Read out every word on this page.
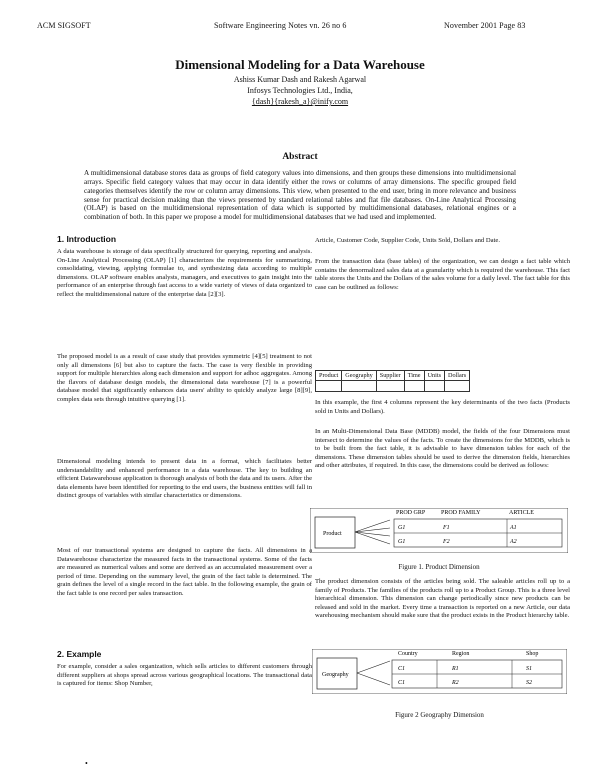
ACM SIGSOFT	Software Engineering Notes vn. 26 no 6	November 2001 Page 83
Dimensional Modeling for a Data Warehouse
Ashiss Kumar Dash and Rakesh Agarwal
Infosys Technologies Ltd., India,
{dash}{rakesh_a}@inify.com
Abstract

A multidimensional database stores data as groups of field category values into dimensions, and then groups these dimensions into multidimensional arrays. Specific field category values that may occur in data identify either the rows or columns of array dimensions. The specific grouped field categories themselves identify the row or column array dimensions. This view, when presented to the end user, bring in more relevance and business sense for practical decision making than the views presented by standard relational tables and flat file databases. On-Line Analytical Processing (OLAP) is based on the multidimensional representation of data which is supported by multidimensional databases, relational engines or a combination of both. In this paper we propose a model for multidimensional databases that we had used and implemented.

1. Introduction

A data warehouse is storage of data specifically structured for querying, reporting and analysis. On-Line Analytical Processing (OLAP) [1] characterizes the requirements for summarizing, consolidating, viewing, applying formulae to, and synthesizing data according to multiple dimensions. OLAP software enables analysts, managers, and executives to gain insight into the performance of an enterprise through fast access to a wide variety of views of data organized to reflect the multidimensional nature of the enterprise data [2][3].

The proposed model is as a result of case study that provides symmetric [4][5] treatment to not only all dimensions [6] but also to capture the facts. The case is very flexible in providing support for multiple hierarchies along each dimension and support for adhoc aggregates. Among the flavors of database design models, the dimensional data warehouse [7] is a powerful database model that significantly enhances data users' ability to quickly analyze large [8][9], complex data sets through intuitive querying [1].

Dimensional modeling intends to present data in a format, which facilitates better understandability and enhanced performance in a data warehouse. The key to building an efficient Datawarehouse application is thorough analysis of both the data and its users. After the data elements have been identified for reporting to the end users, the business entities will fall in distinct groups of variables with similar characteristics or dimensions.

Most of our transactional systems are designed to capture the facts. All dimensions in a Datawarehouse characterize the measured facts in the transactional systems. Some of the facts are measured as numerical values and some are derived as an accumulated measurement over a period of time. Depending on the summary level, the grain of the fact table is determined. The grain defines the level of a single record in the fact table. In the following example, the grain of the fact table is one record per sales transaction.

2. Example

For example, consider a sales organization, which sells articles to different customers through different suppliers at shops spread across various geographical locations. The transactional data is captured for items: Shop Number,

Article, Customer Code, Supplier Code, Units Sold, Dollars and Date.

From the transaction data (base tables) of the organization, we can design a fact table which contains the denormalized sales data at a granularity which is required the warehouse. This fact table stores the Units and the Dollars of the sales volume for a daily level. The fact table for this case can be outlined as follows:

Product	Geography	Supplier	Time	Units	Dollars

In this example, the first 4 columns represent the key determinants of the two facts (Products sold in Units and Dollars).

In an Multi-Dimensional Data Base (MDDB) model, the fields of the four Dimensions must intersect to determine the values of the facts. To create the dimensions for the MDDB, which is to be built from the fact table, it is advisable to have dimension tables for each of the dimensions. These dimension tables should be used to derive the dimension fields, hierarchies and other attributes, if required. In this case, the dimensions could be derived as follows:

Product
PROD GRP	PROD FAMILY	ARTICLE
G1	F1	A1
G1	F2	A2
Figure 1. Product Dimension

The product dimension consists of the articles being sold. The saleable articles roll up to a family of Products. The families of the products roll up to a Product Group. This is a three level hierarchical dimension. This dimension can change periodically since new products can be released and sold in the market. Every time a transaction is reported on a new Article, our data warehousing mechanism should make sure that the product exists in the Product hierarchy table.

Geography
Country	Region	Shop
C1	R1	S1
C1	R2	S2
Figure 2 Geography Dimension
•
